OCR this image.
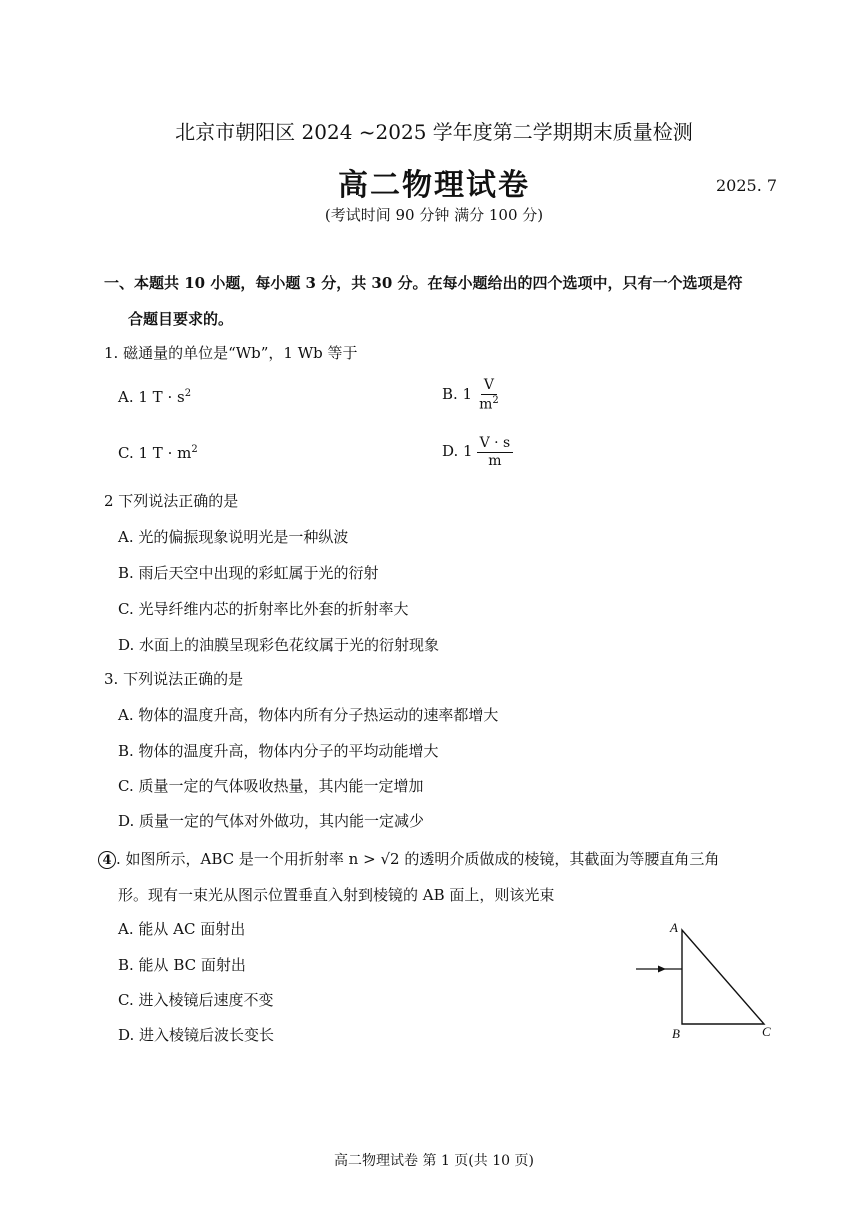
北京市朝阳区 2024 ~2025 学年度第二学期期末质量检测
高二物理试卷	2025. 7
(考试时间 90 分钟 满分 100 分)
一、本题共 10 小题，每小题 3 分，共 30 分。在每小题给出的四个选项中，只有一个选项是符
合题目要求的。
1. 磁通量的单位是“Wb”，1 Wb 等于
A. 1 $T \cdot s^2$	B. $1 \frac{V}{m^2}$
C. 1 $T \cdot m^2$	D. $1 \frac{V \cdot s}{m}$
2 下列说法正确的是
A. 光的偏振现象说明光是一种纵波
B. 雨后天空中出现的彩虹属于光的衍射
C. 光导纤维内芯的折射率比外套的折射率大
D. 水面上的油膜呈现彩色花纹属于光的衍射现象
3. 下列说法正确的是
A. 物体的温度升高，物体内所有分子热运动的速率都增大
B. 物体的温度升高，物体内分子的平均动能增大
C. 质量一定的气体吸收热量，其内能一定增加
D. 质量一定的气体对外做功，其内能一定减少
4 . 如图所示，ABC 是一个用折射率 n > √2 的透明介质做成的棱镜，其截面为等腰直角三角
形。现有一束光从图示位置垂直入射到棱镜的 AB 面上，则该光束
A. 能从 AC 面射出
B. 能从 BC 面射出
C. 进入棱镜后速度不变
D. 进入棱镜后波长变长
A
B	C
高二物理试卷 第 1 页(共 10 页)
